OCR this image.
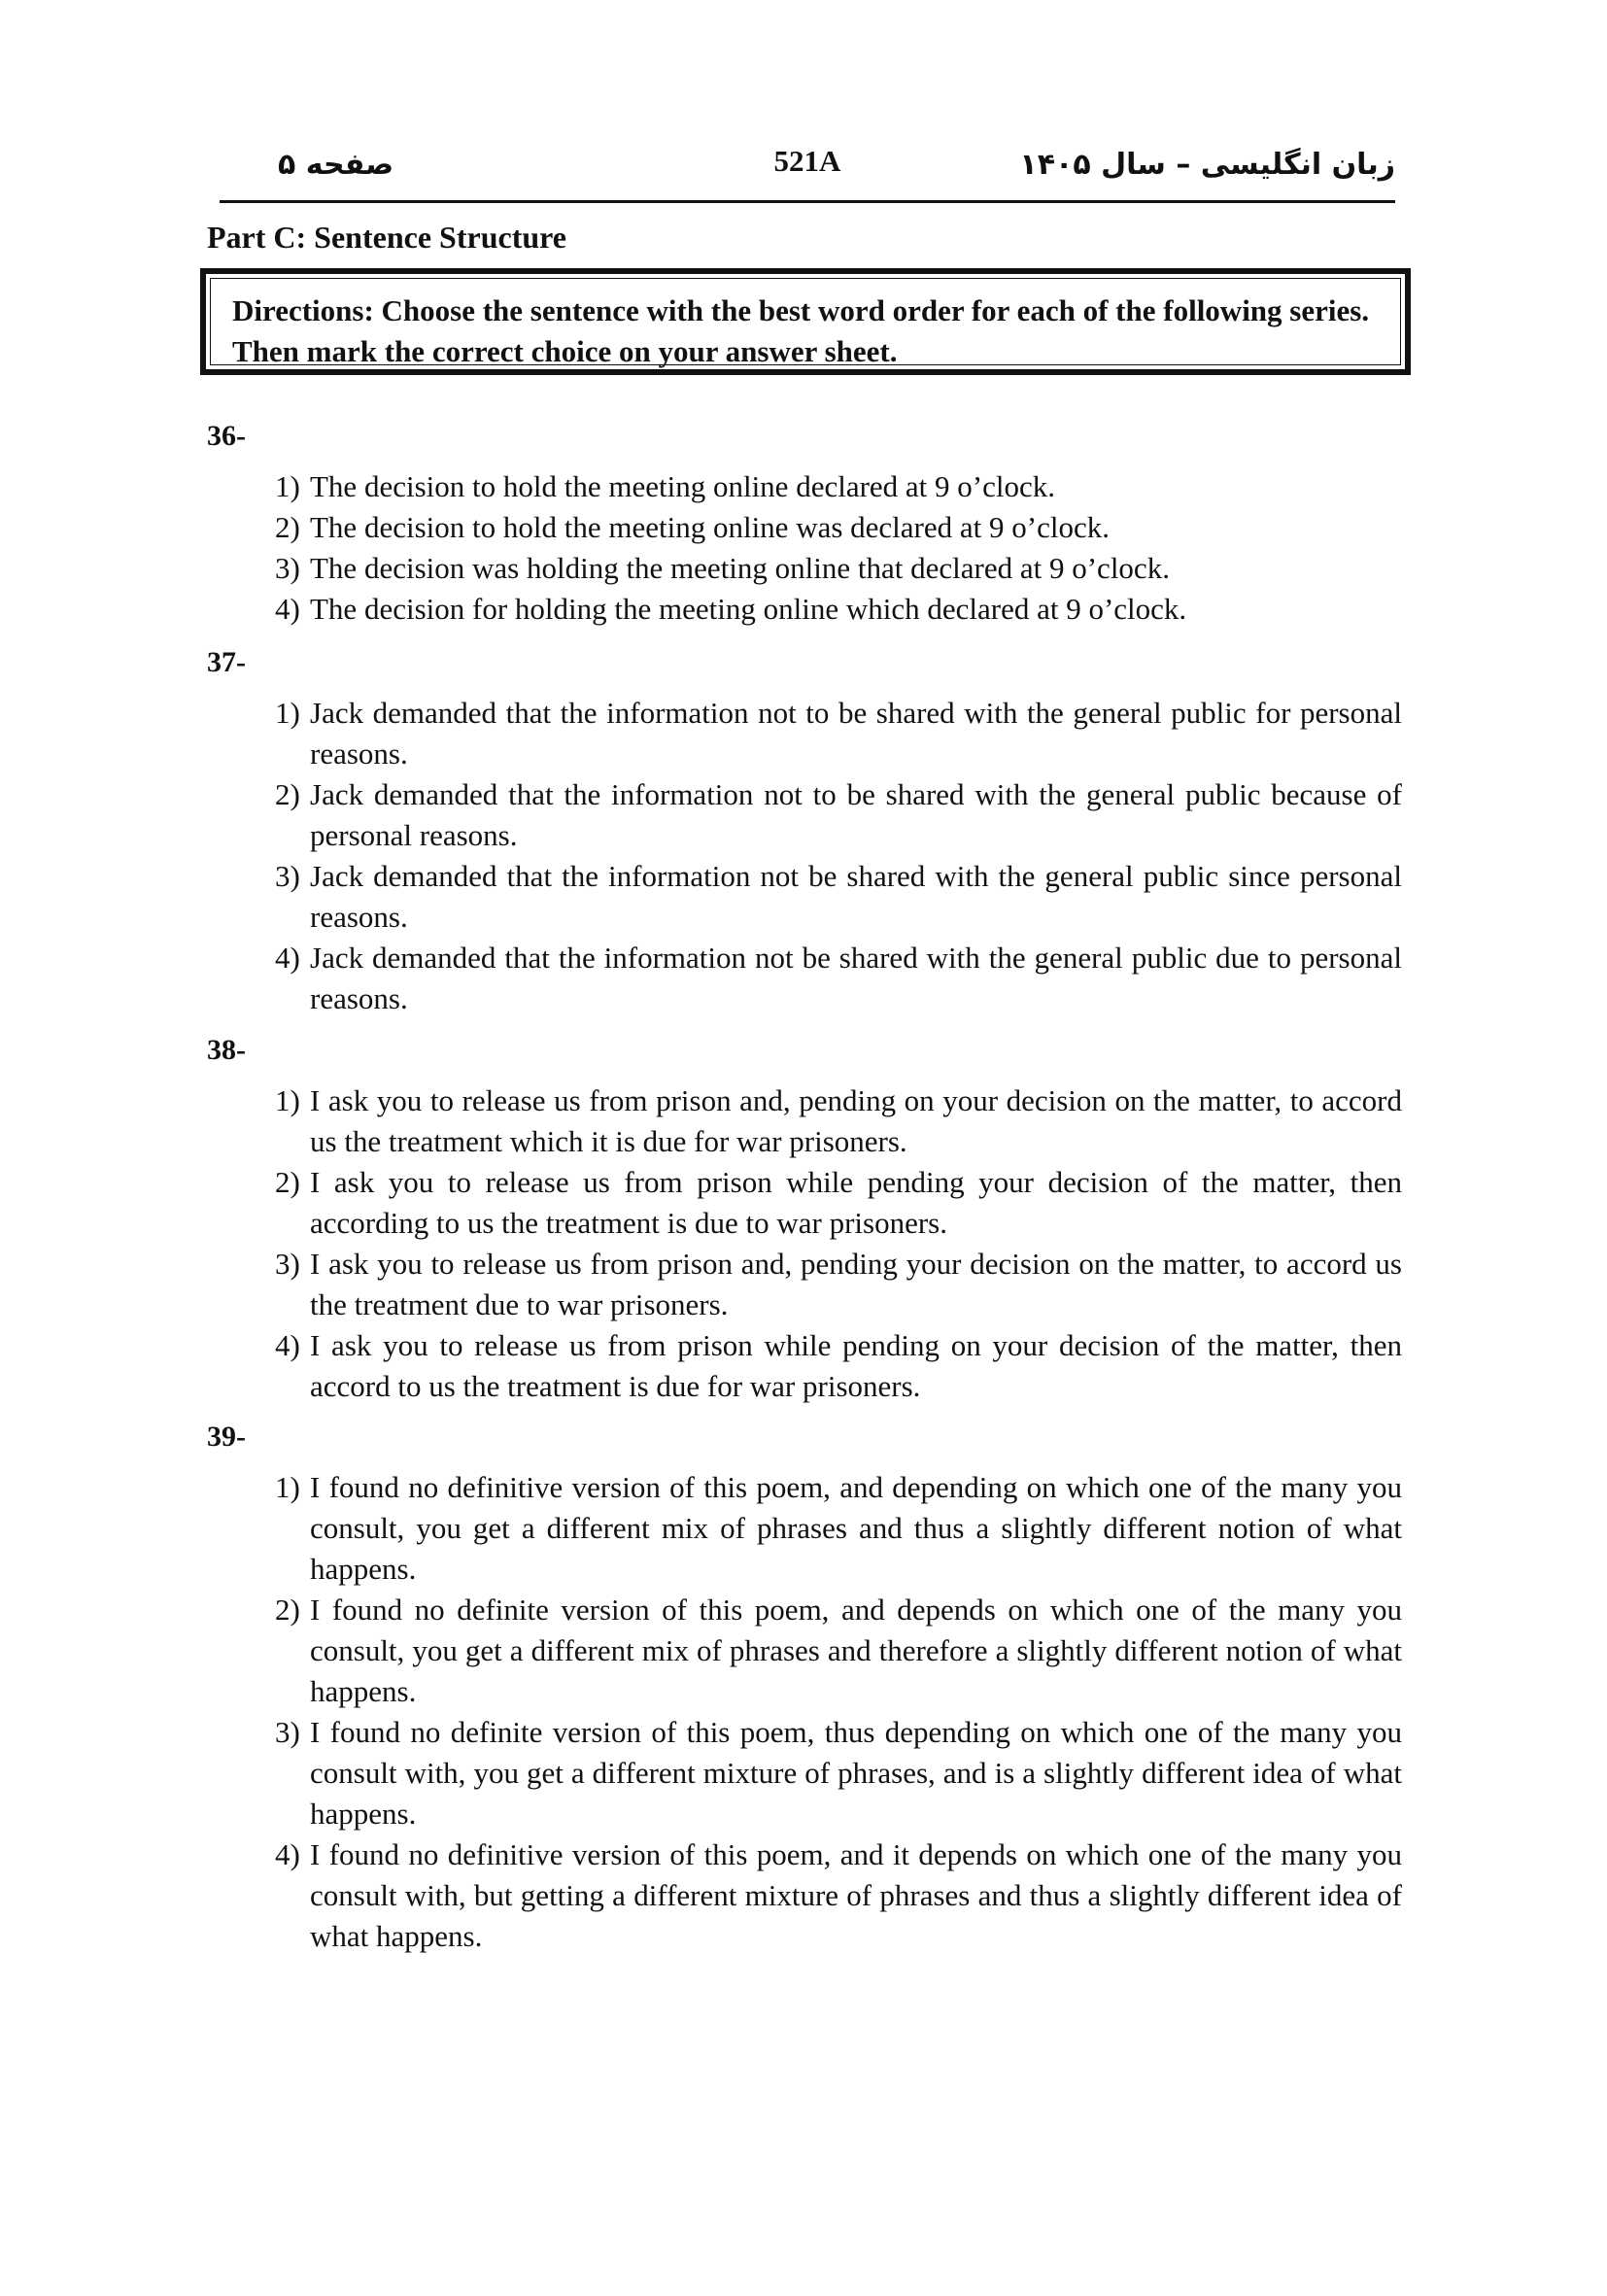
صفحه ۵	521A	زبان انگلیسی – سال ۱۴۰۵
Part C: Sentence Structure
Directions: Choose the sentence with the best word order for each of the following series. Then mark the correct choice on your answer sheet.
36-
1) The decision to hold the meeting online declared at 9 o’clock.
2) The decision to hold the meeting online was declared at 9 o’clock.
3) The decision was holding the meeting online that declared at 9 o’clock.
4) The decision for holding the meeting online which declared at 9 o’clock.
37-
1) Jack demanded that the information not to be shared with the general public for personal reasons.
2) Jack demanded that the information not to be shared with the general public because of personal reasons.
3) Jack demanded that the information not be shared with the general public since personal reasons.
4) Jack demanded that the information not be shared with the general public due to personal reasons.
38-
1) I ask you to release us from prison and, pending on your decision on the matter, to accord us the treatment which it is due for war prisoners.
2) I ask you to release us from prison while pending your decision of the matter, then according to us the treatment is due to war prisoners.
3) I ask you to release us from prison and, pending your decision on the matter, to accord us the treatment due to war prisoners.
4) I ask you to release us from prison while pending on your decision of the matter, then accord to us the treatment is due for war prisoners.
39-
1) I found no definitive version of this poem, and depending on which one of the many you consult, you get a different mix of phrases and thus a slightly different notion of what happens.
2) I found no definite version of this poem, and depends on which one of the many you consult, you get a different mix of phrases and therefore a slightly different notion of what happens.
3) I found no definite version of this poem, thus depending on which one of the many you consult with, you get a different mixture of phrases, and is a slightly different idea of what happens.
4) I found no definitive version of this poem, and it depends on which one of the many you consult with, but getting a different mixture of phrases and thus a slightly different idea of what happens.
